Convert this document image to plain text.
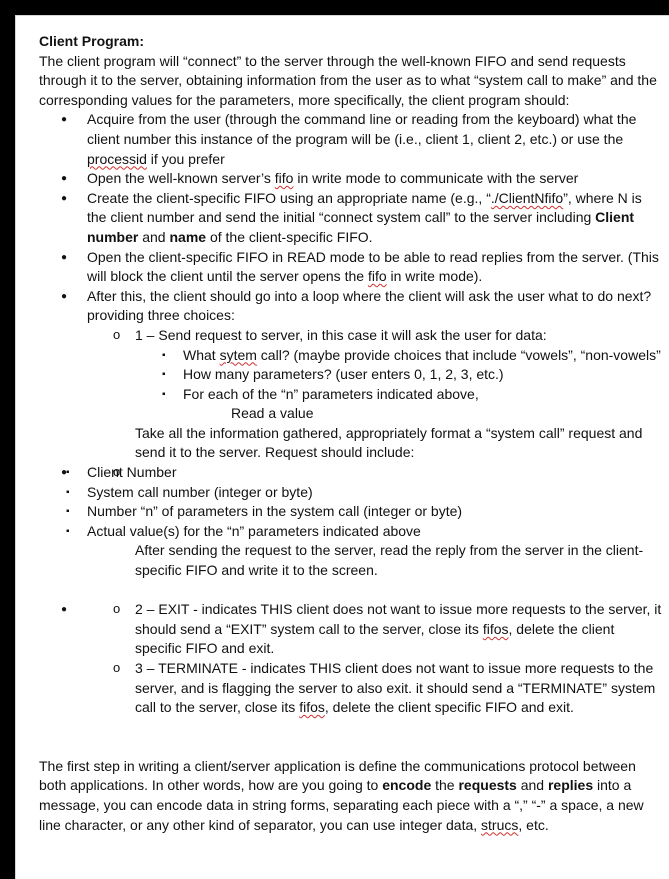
Client Program:

The client program will “connect” to the server through the well-known FIFO and send requests through it to the server, obtaining information from the user as to what “system call to make” and the corresponding values for the parameters, more specifically, the client program should:

● Acquire from the user (through the command line or reading from the keyboard) what the client number this instance of the program will be (i.e., client 1, client 2, etc.) or use the processid if you prefer
● Open the well-known server’s fifo in write mode to communicate with the server
● Create the client-specific FIFO using an appropriate name (e.g., “./ClientNfifo”, where N is the client number and send the initial “connect system call” to the server including Client number and name of the client-specific FIFO.
● Open the client-specific FIFO in READ mode to be able to read replies from the server. (This will block the client until the server opens the fifo in write mode).
● After this, the client should go into a loop where the client will ask the user what to do next? providing three choices:
o 1 – Send request to server, in this case it will ask the user for data:
▪ What sytem call? (maybe provide choices that include “vowels”, “non-vowels”
▪ How many parameters? (user enters 0, 1, 2, 3, etc.)
▪ For each of the “n” parameters indicated above,

Read a value

Take all the information gathered, appropriately format a “system call” request and send it to the server. Request should include:

▪ o ● Client Number
▪ System call number (integer or byte)
▪ Number “n” of parameters in the system call (integer or byte)
▪ Actual value(s) for the “n” parameters indicated above

After sending the request to the server, read the reply from the server in the client-specific FIFO and write it to the screen.

o ● 2 – EXIT - indicates THIS client does not want to issue more requests to the server, it should send a “EXIT” system call to the server, close its fifos, delete the client specific FIFO and exit.
o 3 – TERMINATE - indicates THIS client does not want to issue more requests to the server, and is flagging the server to also exit. it should send a “TERMINATE” system call to the server, close its fifos, delete the client specific FIFO and exit.

The first step in writing a client/server application is define the communications protocol between both applications. In other words, how are you going to encode the requests and replies into a message, you can encode data in string forms, separating each piece with a “,” “-” a space, a new line character, or any other kind of separator, you can use integer data, strucs, etc.
